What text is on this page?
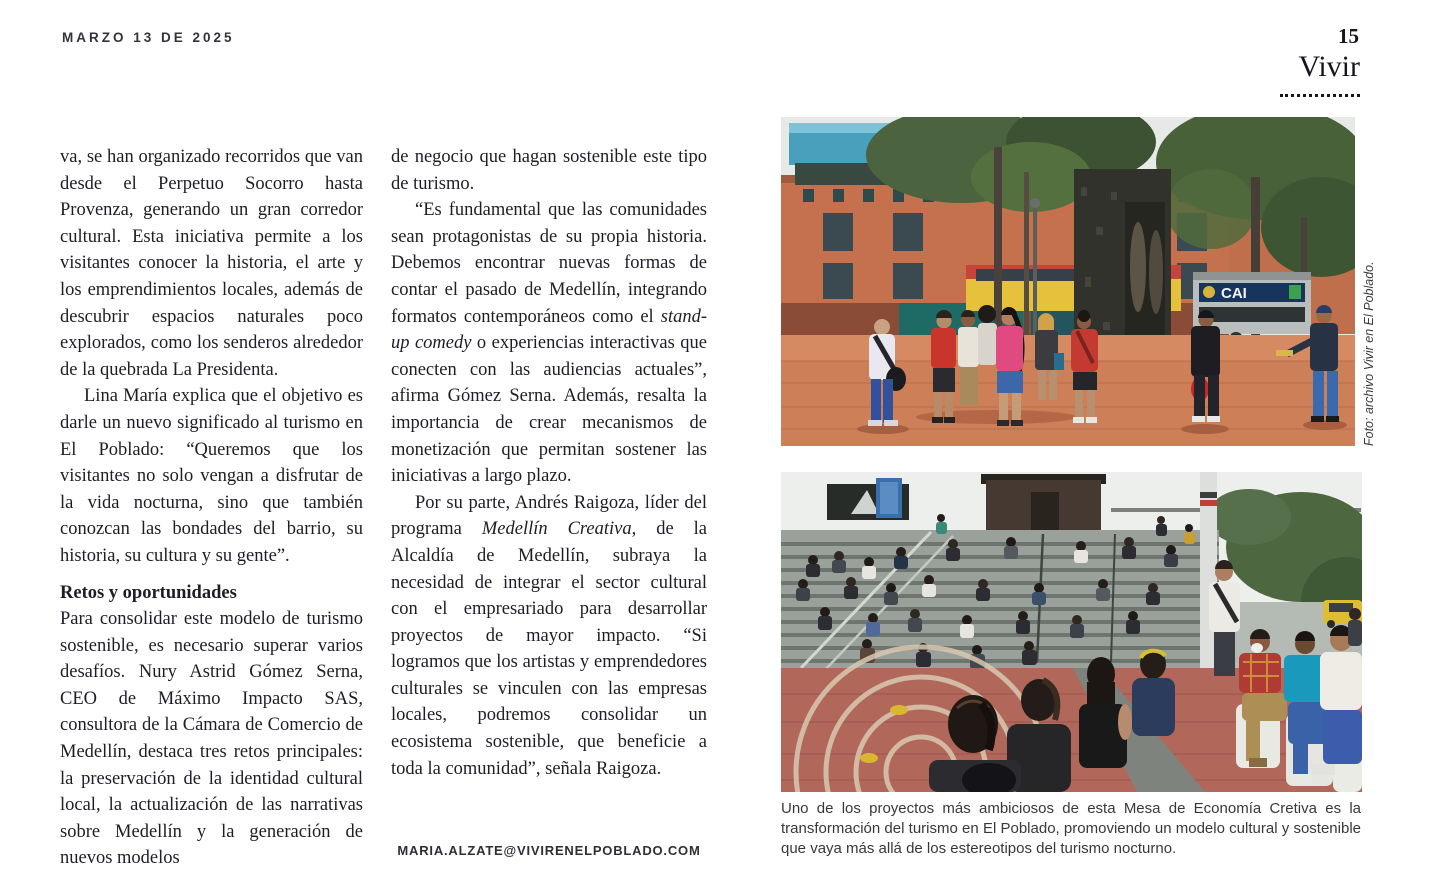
MARZO 13 DE 2025	15
Vivir

va, se han organizado recorridos que van desde el Perpetuo Socorro hasta Provenza, generando un gran corredor cultural. Esta iniciativa permite a los visitantes conocer la historia, el arte y los emprendimientos locales, además de descubrir espacios naturales poco explorados, como los senderos alrededor de la quebrada La Presidenta.

Lina María explica que el objetivo es darle un nuevo significado al turismo en El Poblado: “Queremos que los visitantes no solo vengan a disfrutar de la vida nocturna, sino que también conozcan las bondades del barrio, su historia, su cultura y su gente”.

Retos y oportunidades

Para consolidar este modelo de turismo sostenible, es necesario superar varios desafíos. Nury Astrid Gómez Serna, CEO de Máximo Impacto SAS, consultora de la Cámara de Comercio de Medellín, destaca tres retos principales: la preservación de la identidad cultural local, la actualización de las narrativas sobre Medellín y la generación de nuevos modelos

de negocio que hagan sostenible este tipo de turismo.

“Es fundamental que las comunidades sean protagonistas de su propia historia. Debemos encontrar nuevas formas de contar el pasado de Medellín, integrando formatos contemporáneos como el stand-up comedy o experiencias interactivas que conecten con las audiencias actuales”, afirma Gómez Serna. Además, resalta la importancia de crear mecanismos de monetización que permitan sostener las iniciativas a largo plazo.

Por su parte, Andrés Raigoza, líder del programa Medellín Creativa, de la Alcaldía de Medellín, subraya la necesidad de integrar el sector cultural con el empresariado para desarrollar proyectos de mayor impacto. “Si logramos que los artistas y emprendedores culturales se vinculen con las empresas locales, podremos consolidar un ecosistema sostenible, que beneficie a toda la comunidad”, señala Raigoza.

MARIA.ALZATE@VIVIRENELPOBLADO.COM
CAI	Foto: archivo Vivir en El Poblado.
Uno de los proyectos más ambiciosos de esta Mesa de Economía Cretiva es la transformación del turismo en El Poblado, promoviendo un modelo cultural y sostenible que vaya más allá de los estereotipos del turismo nocturno.
